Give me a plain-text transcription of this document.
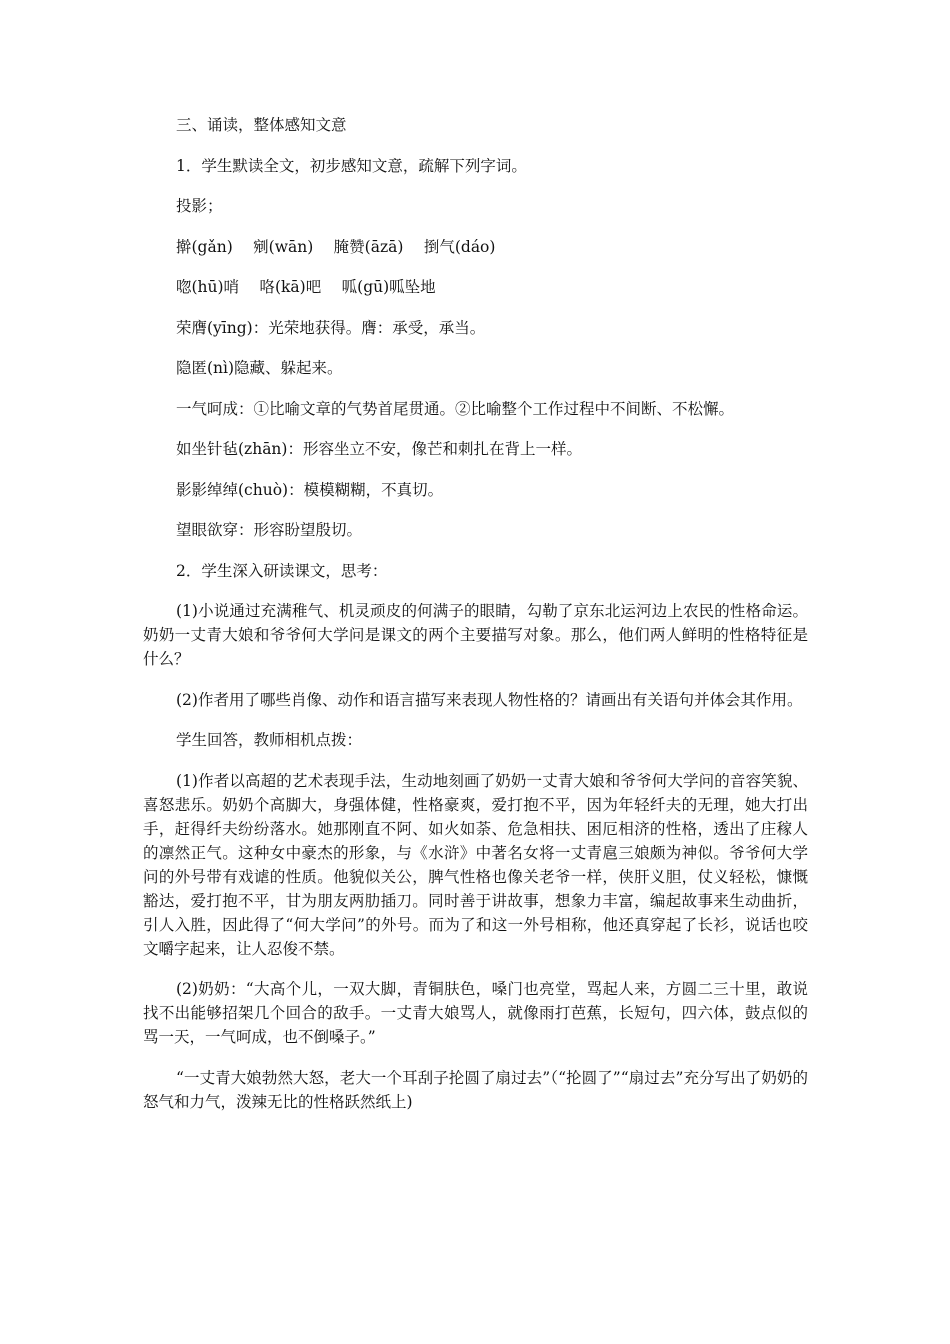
三、诵读，整体感知文意
1．学生默读全文，初步感知文意，疏解下列字词。
投影；
擀(gǎn)　 剜(wān)　 腌赞(āzā)　 捯气(dáo)
唿(hū)哨　 咯(kā)吧　 呱(gū)呱坠地
荣膺(yīng)：光荣地获得。膺：承受，承当。
隐匿(nì)隐藏、躲起来。
一气呵成：①比喻文章的气势首尾贯通。②比喻整个工作过程中不间断、不松懈。
如坐针毡(zhān)：形容坐立不安，像芒和刺扎在背上一样。
影影绰绰(chuò)：模模糊糊，不真切。
望眼欲穿：形容盼望殷切。
2．学生深入研读课文，思考：
(1)小说通过充满稚气、机灵顽皮的何满子的眼睛，勾勒了京东北运河边上农民的性格命运。奶奶一丈青大娘和爷爷何大学问是课文的两个主要描写对象。那么，他们两人鲜明的性格特征是什么？
(2)作者用了哪些肖像、动作和语言描写来表现人物性格的？请画出有关语句并体会其作用。
学生回答，教师相机点拨：
(1)作者以高超的艺术表现手法，生动地刻画了奶奶一丈青大娘和爷爷何大学问的音容笑貌、喜怒悲乐。奶奶个高脚大，身强体健，性格豪爽，爱打抱不平，因为年轻纤夫的无理，她大打出手，赶得纤夫纷纷落水。她那刚直不阿、如火如荼、危急相扶、困厄相济的性格，透出了庄稼人的凛然正气。这种女中豪杰的形象，与《水浒》中著名女将一丈青扈三娘颇为神似。爷爷何大学问的外号带有戏谑的性质。他貌似关公，脾气性格也像关老爷一样，侠肝义胆，仗义轻松，慷慨豁达，爱打抱不平，甘为朋友两肋插刀。同时善于讲故事，想象力丰富，编起故事来生动曲折，引人入胜，因此得了“何大学问”的外号。而为了和这一外号相称，他还真穿起了长衫，说话也咬文嚼字起来，让人忍俊不禁。
(2)奶奶：“大高个儿，一双大脚，青铜肤色，嗓门也亮堂，骂起人来，方圆二三十里，敢说找不出能够招架几个回合的敌手。一丈青大娘骂人，就像雨打芭蕉，长短句，四六体，鼓点似的骂一天，一气呵成，也不倒嗓子。”
“一丈青大娘勃然大怒，老大一个耳刮子抡圆了扇过去”（“抡圆了”“扇过去”充分写出了奶奶的怒气和力气，泼辣无比的性格跃然纸上)
